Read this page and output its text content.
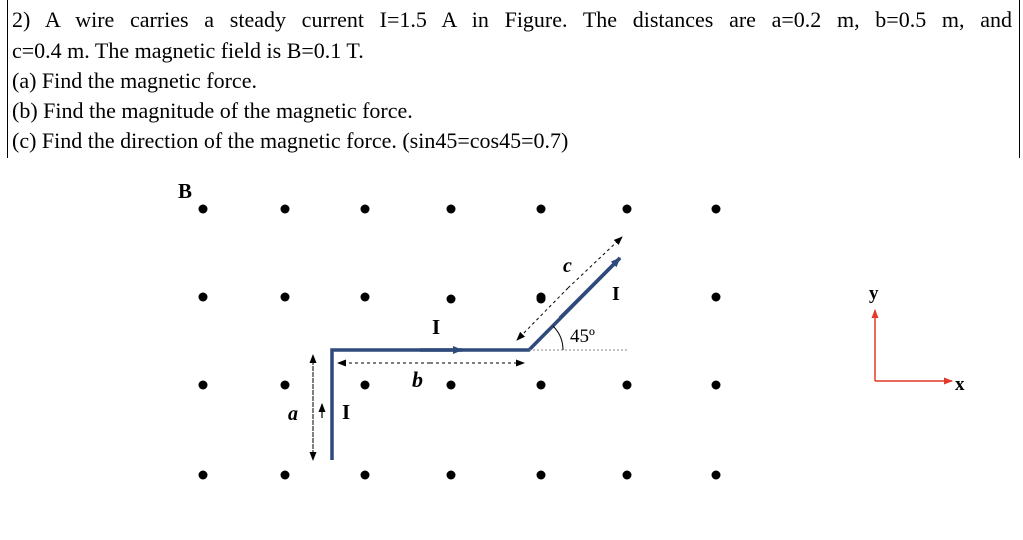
2) A wire carries a steady current I=1.5 A in Figure. The distances are a=0.2 m, b=0.5 m, and
c=0.4 m. The magnetic field is B=0.1 T.
(a) Find the magnetic force.
(b) Find the magnitude of the magnetic force.
(c) Find the direction of the magnetic force. (sin45=cos45=0.7)
B
I
I
I
a
b
c
45º
y
x
